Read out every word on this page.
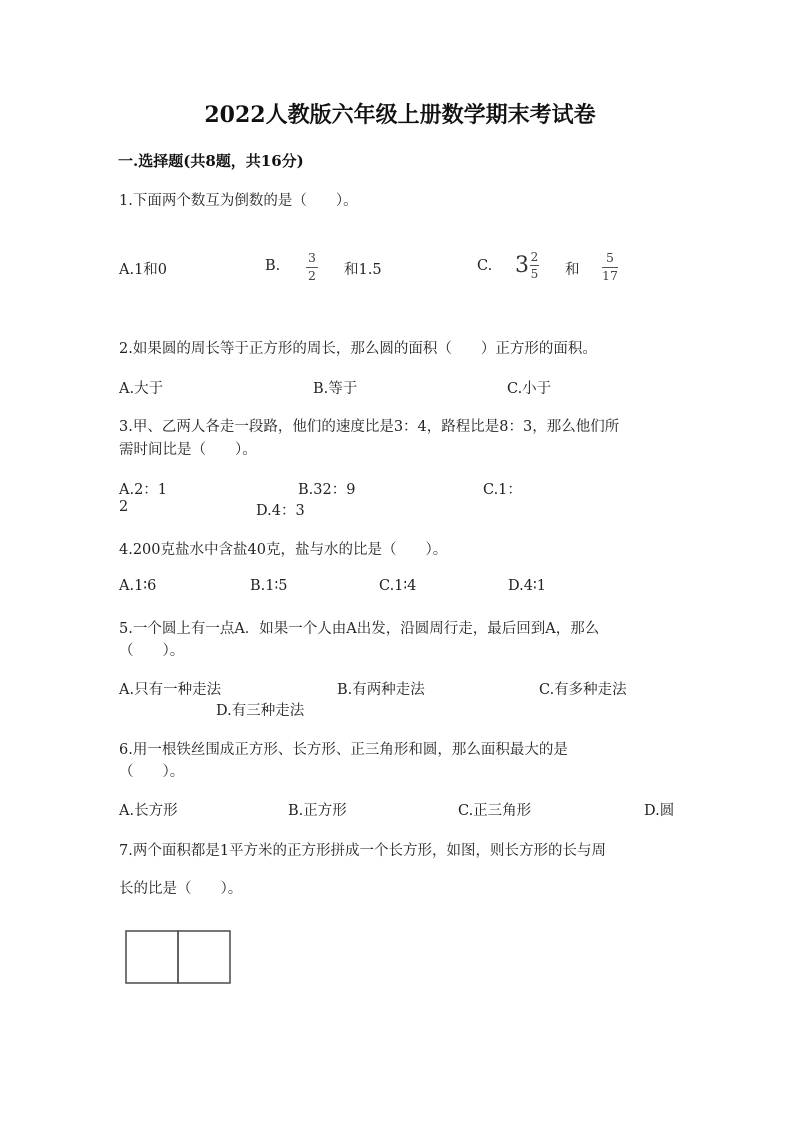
2022人教版六年级上册数学期末考试卷
一.选择题(共8题，共16分)
1.下面两个数互为倒数的是（　　）。
A.1和0	B.
3
2 和1.5	C. $3 \frac{2}{5}$ 和
5
17
2.如果圆的周长等于正方形的周长，那么圆的面积（　　）正方形的面积。
A.大于	B.等于	C.小于
3.甲、乙两人各走一段路，他们的速度比是3：4，路程比是8：3，那么他们所
需时间比是（　　）。
A.2：1	B.32：9	C.1：
2	D.4：3
4.200克盐水中含盐40克，盐与水的比是（　　）。
A.1∶6	B.1∶5	C.1∶4	D.4∶1
5.一个圆上有一点A．如果一个人由A出发，沿圆周行走，最后回到A，那么
（　　）。
A.只有一种走法	B.有两种走法	C.有多种走法
D.有三种走法
6.用一根铁丝围成正方形、长方形、正三角形和圆，那么面积最大的是
（　　）。
A.长方形	B.正方形	C.正三角形	D.圆
7.两个面积都是1平方米的正方形拼成一个长方形，如图，则长方形的长与周
长的比是（　　）。
